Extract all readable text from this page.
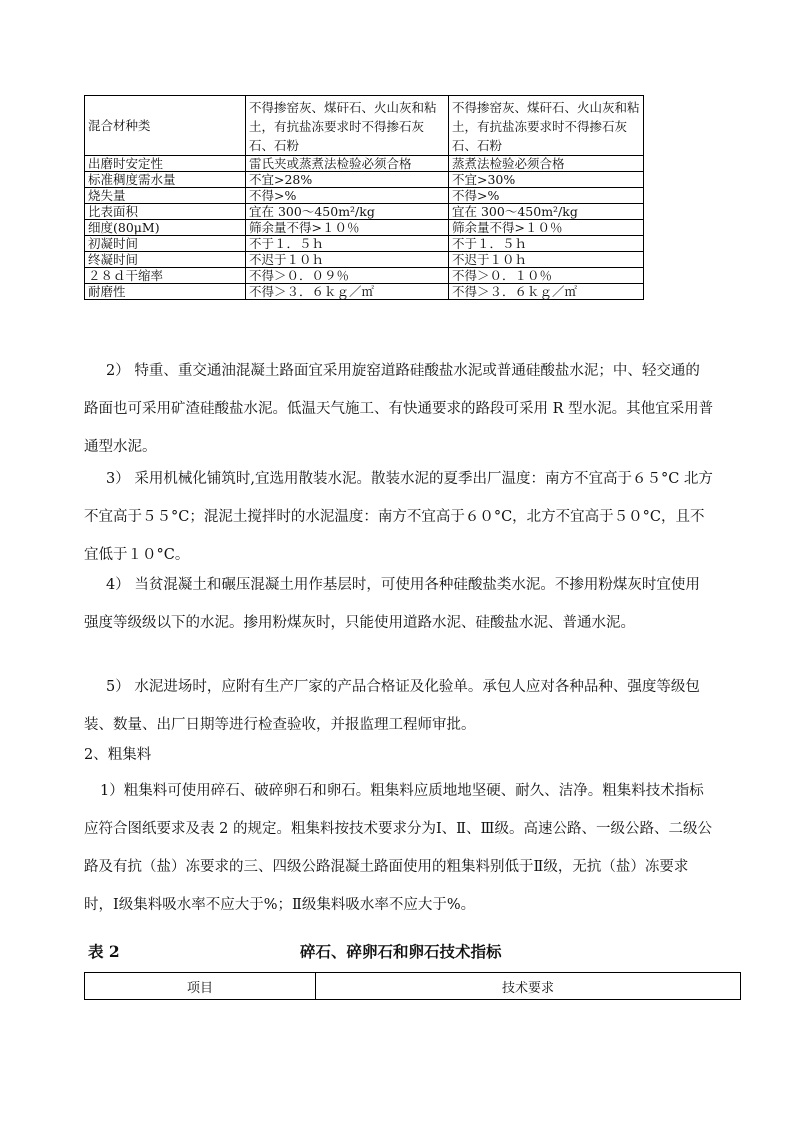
混合材种类	不得掺窑灰、煤矸石、火山灰和粘土，有抗盐冻要求时不得掺石灰石、石粉	不得掺窑灰、煤矸石、火山灰和粘土，有抗盐冻要求时不得掺石灰石、石粉
出磨时安定性	雷氏夹或蒸煮法检验必须合格	蒸煮法检验必须合格
标准稠度需水量	不宜>28%	不宜>30%
烧失量	不得>%	不得>%
比表面积	宜在 300～450m²/kg	宜在 300～450m²/kg
细度(80μM)	筛余量不得>１０％	筛余量不得>１０％
初凝时间	不于１．５ｈ	不于１．５ｈ
终凝时间	不迟于１０ｈ	不迟于１０ｈ
２８ｄ干缩率	不得＞０．０９％	不得＞０．１０％
耐磨性	不得＞３．６ｋｇ／㎡	不得＞３．６ｋｇ／㎡

2） 特重、重交通油混凝土路面宜采用旋窑道路硅酸盐水泥或普通硅酸盐水泥；中、轻交通的路面也可采用矿渣硅酸盐水泥。低温天气施工、有快通要求的路段可采用 R 型水泥。其他宜采用普通型水泥。

3） 采用机械化铺筑时,宜选用散装水泥。散装水泥的夏季出厂温度：南方不宜高于６５°C 北方不宜高于５５°C；混泥土搅拌时的水泥温度：南方不宜高于６０°C，北方不宜高于５０°C，且不宜低于１０°C。

4） 当贫混凝土和碾压混凝土用作基层时，可使用各种硅酸盐类水泥。不掺用粉煤灰时宜使用强度等级级以下的水泥。掺用粉煤灰时，只能使用道路水泥、硅酸盐水泥、普通水泥。

5） 水泥进场时，应附有生产厂家的产品合格证及化验单。承包人应对各种品种、强度等级包装、数量、出厂日期等进行检查验收，并报监理工程师审批。

2、粗集料

1）粗集料可使用碎石、破碎卵石和卵石。粗集料应质地地坚硬、耐久、洁净。粗集料技术指标应符合图纸要求及表 2 的规定。粗集料按技术要求分为Ⅰ、Ⅱ、Ⅲ级。高速公路、一级公路、二级公路及有抗（盐）冻要求的三、四级公路混凝土路面使用的粗集料别低于Ⅱ级，无抗（盐）冻要求时，Ⅰ级集料吸水率不应大于%；Ⅱ级集料吸水率不应大于%。

表 2	碎石、碎卵石和卵石技术指标
项目	技术要求
